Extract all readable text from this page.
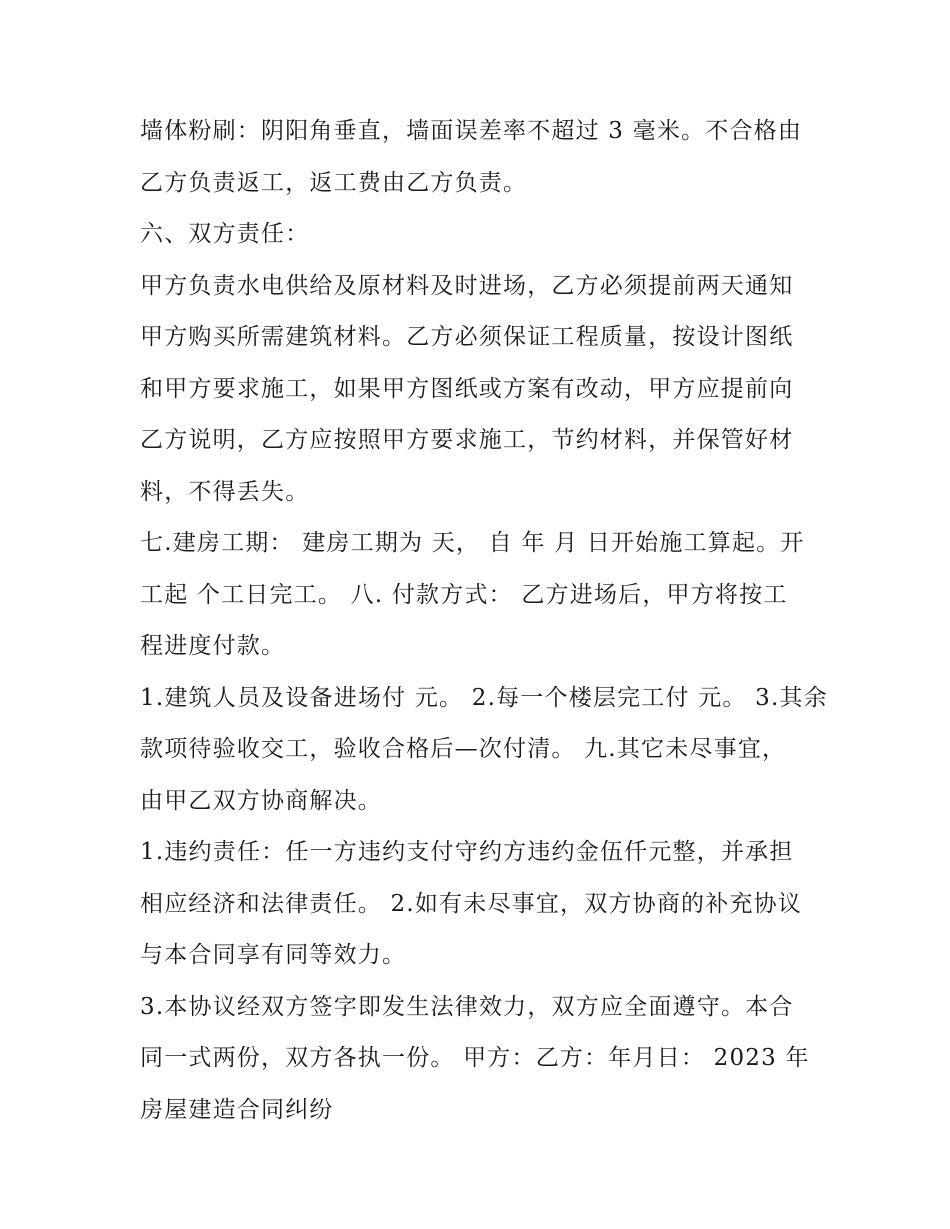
墙体粉刷：阴阳角垂直，墙面误差率不超过 3 毫米。不合格由
乙方负责返工，返工费由乙方负责。
六、双方责任：
甲方负责水电供给及原材料及时进场，乙方必须提前两天通知
甲方购买所需建筑材料。乙方必须保证工程质量，按设计图纸
和甲方要求施工，如果甲方图纸或方案有改动，甲方应提前向
乙方说明，乙方应按照甲方要求施工，节约材料，并保管好材
料，不得丢失。
七.建房工期： 建房工期为 天， 自 年 月 日开始施工算起。开
工起 个工日完工。 八. 付款方式： 乙方进场后，甲方将按工
程进度付款。
1.建筑人员及设备进场付 元。 2.每一个楼层完工付 元。 3.其余
款项待验收交工，验收合格后—次付清。 九.其它未尽事宜，
由甲乙双方协商解决。
1.违约责任：任一方违约支付守约方违约金伍仟元整，并承担
相应经济和法律责任。 2.如有未尽事宜，双方协商的补充协议
与本合同享有同等效力。
3.本协议经双方签字即发生法律效力，双方应全面遵守。本合
同一式两份，双方各执一份。 甲方：乙方：年月日： 2023 年
房屋建造合同纠纷
